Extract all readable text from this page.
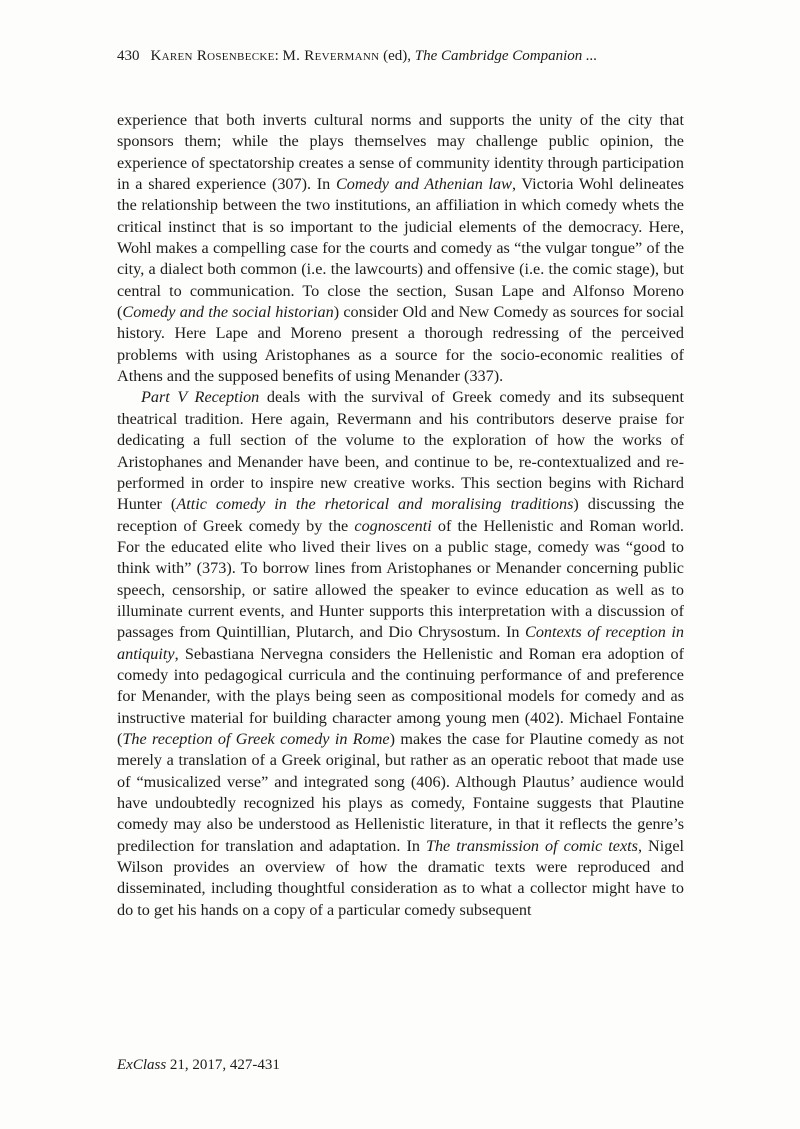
430 Karen Rosenbecke: M. Revermann (ed), The Cambridge Companion ...

experience that both inverts cultural norms and supports the unity of the city that sponsors them; while the plays themselves may challenge public opinion, the experience of spectatorship creates a sense of community identity through participation in a shared experience (307). In Comedy and Athenian law, Victoria Wohl delineates the relationship between the two institutions, an affiliation in which comedy whets the critical instinct that is so important to the judicial elements of the democracy. Here, Wohl makes a compelling case for the courts and comedy as “the vulgar tongue” of the city, a dialect both common (i.e. the lawcourts) and offensive (i.e. the comic stage), but central to communication. To close the section, Susan Lape and Alfonso Moreno (Comedy and the social historian) consider Old and New Comedy as sources for social history. Here Lape and Moreno present a thorough redressing of the perceived problems with using Aristophanes as a source for the socio-economic realities of Athens and the supposed benefits of using Menander (337).

Part V Reception deals with the survival of Greek comedy and its subsequent theatrical tradition. Here again, Revermann and his contributors deserve praise for dedicating a full section of the volume to the exploration of how the works of Aristophanes and Menander have been, and continue to be, re-contextualized and re-performed in order to inspire new creative works. This section begins with Richard Hunter (Attic comedy in the rhetorical and moralising traditions) discussing the reception of Greek comedy by the cognoscenti of the Hellenistic and Roman world. For the educated elite who lived their lives on a public stage, comedy was “good to think with” (373). To borrow lines from Aristophanes or Menander concerning public speech, censorship, or satire allowed the speaker to evince education as well as to illuminate current events, and Hunter supports this interpretation with a discussion of passages from Quintillian, Plutarch, and Dio Chrysostum. In Contexts of reception in antiquity, Sebastiana Nervegna considers the Hellenistic and Roman era adoption of comedy into pedagogical curricula and the continuing performance of and preference for Menander, with the plays being seen as compositional models for comedy and as instructive material for building character among young men (402). Michael Fontaine (The reception of Greek comedy in Rome) makes the case for Plautine comedy as not merely a translation of a Greek original, but rather as an operatic reboot that made use of “musicalized verse” and integrated song (406). Although Plautus’ audience would have undoubtedly recognized his plays as comedy, Fontaine suggests that Plautine comedy may also be understood as Hellenistic literature, in that it reflects the genre’s predilection for translation and adaptation. In The transmission of comic texts, Nigel Wilson provides an overview of how the dramatic texts were reproduced and disseminated, including thoughtful consideration as to what a collector might have to do to get his hands on a copy of a particular comedy subsequent

ExClass 21, 2017, 427-431
